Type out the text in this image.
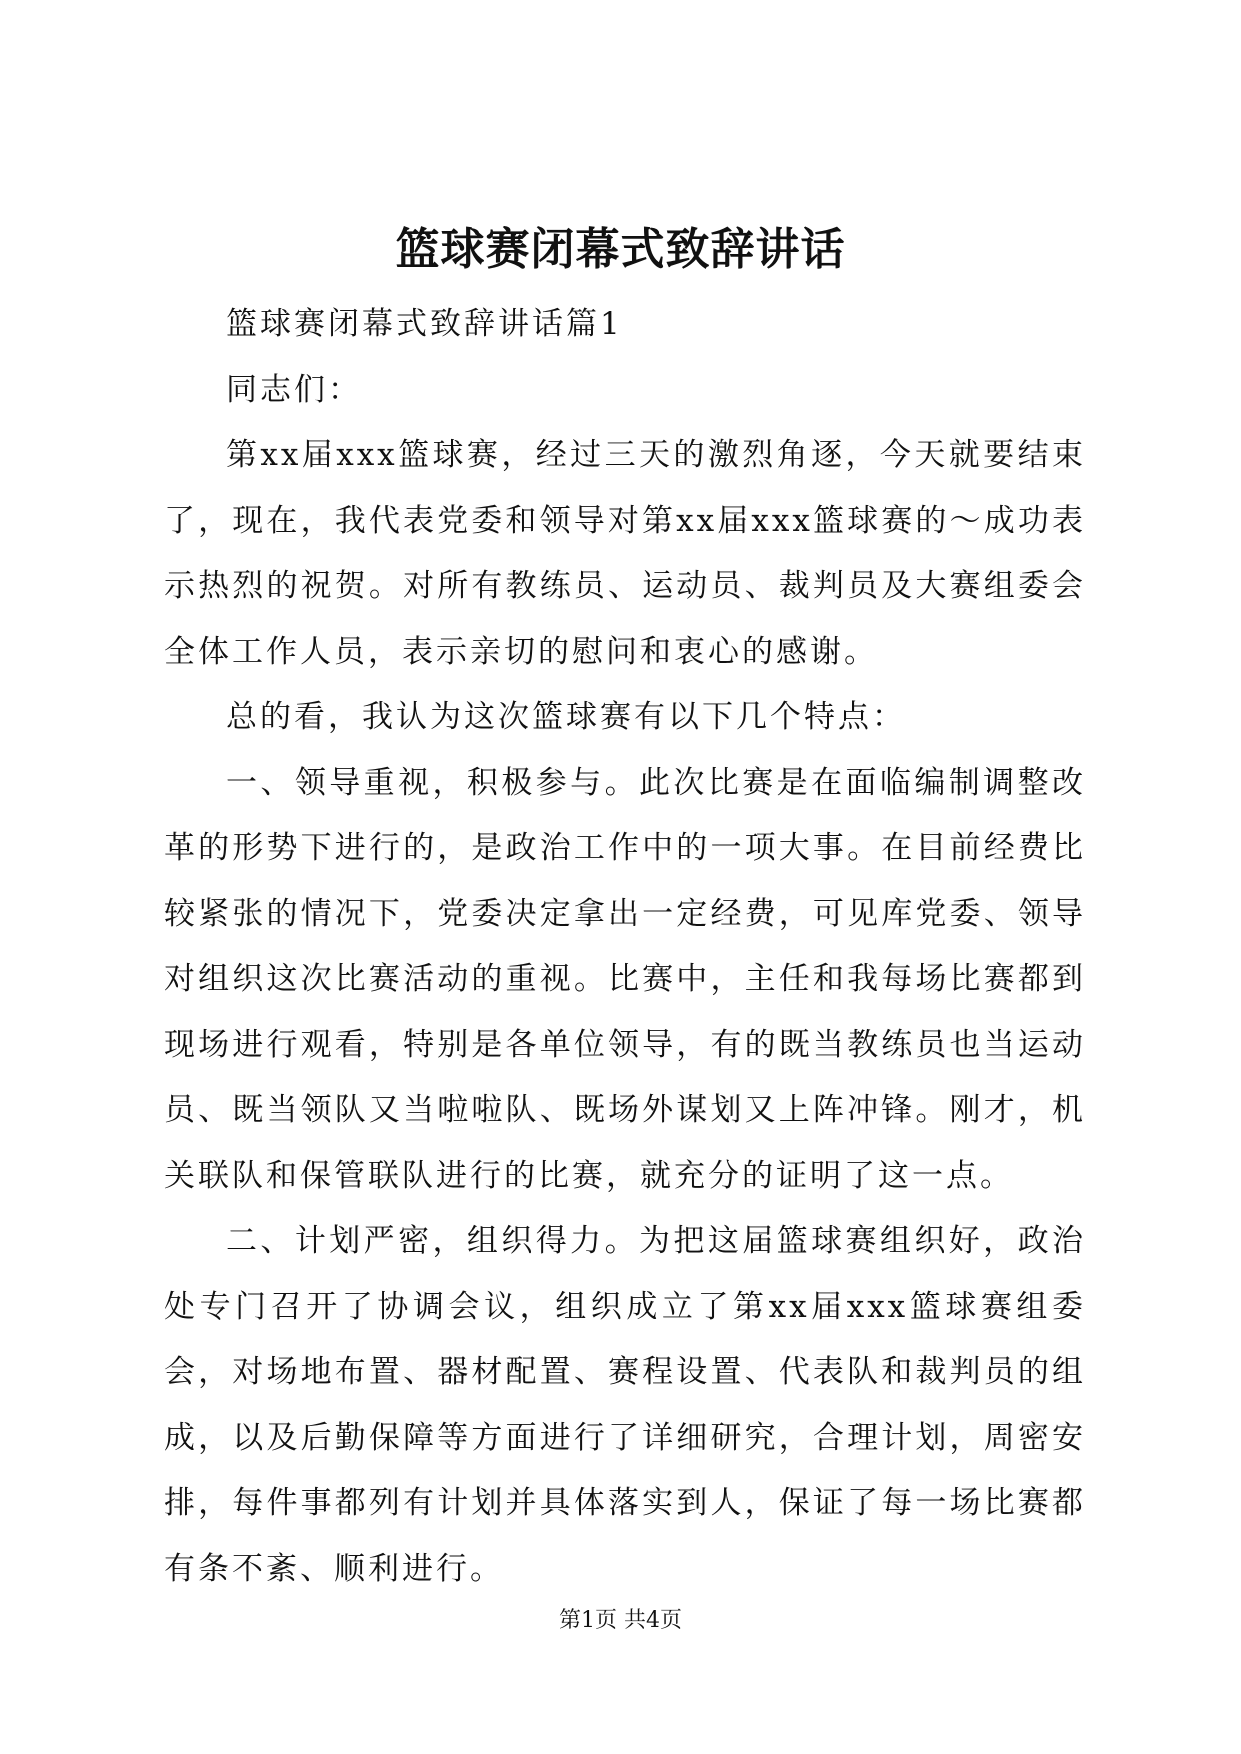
篮球赛闭幕式致辞讲话

篮球赛闭幕式致辞讲话篇1

同志们：

第xx届xxx篮球赛，经过三天的激烈角逐，今天就要结束了，现在，我代表党委和领导对第xx届xxx篮球赛的～成功表示热烈的祝贺。对所有教练员、运动员、裁判员及大赛组委会全体工作人员，表示亲切的慰问和衷心的感谢。

总的看，我认为这次篮球赛有以下几个特点：

一、领导重视，积极参与。此次比赛是在面临编制调整改革的形势下进行的，是政治工作中的一项大事。在目前经费比较紧张的情况下，党委决定拿出一定经费，可见库党委、领导对组织这次比赛活动的重视。比赛中，主任和我每场比赛都到现场进行观看，特别是各单位领导，有的既当教练员也当运动员、既当领队又当啦啦队、既场外谋划又上阵冲锋。刚才，机关联队和保管联队进行的比赛，就充分的证明了这一点。

二、计划严密，组织得力。为把这届篮球赛组织好，政治处专门召开了协调会议，组织成立了第xx届xxx篮球赛组委会，对场地布置、器材配置、赛程设置、代表队和裁判员的组成，以及后勤保障等方面进行了详细研究，合理计划，周密安排，每件事都列有计划并具体落实到人，保证了每一场比赛都有条不紊、顺利进行。

第1页 共4页
